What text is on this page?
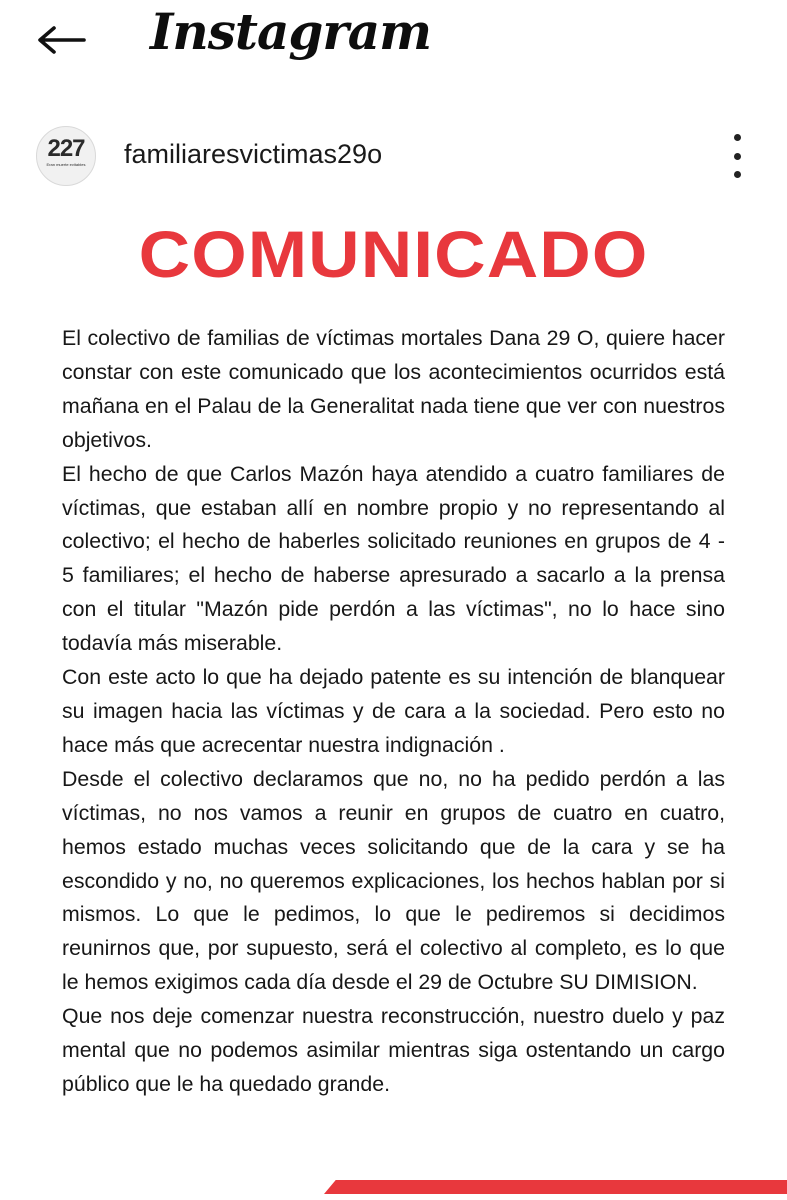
Instagram
227
Eran muerte evitables	familiaresvictimas29o
COMUNICADO

El colectivo de familias de víctimas mortales Dana 29 O, quiere hacer constar con este comunicado que los acontecimientos ocurridos está mañana en el Palau de la Generalitat nada tiene que ver con nuestros objetivos.

El hecho de que Carlos Mazón haya atendido a cuatro familiares de víctimas, que estaban allí en nombre propio y no representando al colectivo; el hecho de haberles solicitado reuniones en grupos de 4 - 5 familiares; el hecho de haberse apresurado a sacarlo a la prensa con el titular "Mazón pide perdón a las víctimas", no lo hace sino todavía más miserable.

Con este acto lo que ha dejado patente es su intención de blanquear su imagen hacia las víctimas y de cara a la sociedad. Pero esto no hace más que acrecentar nuestra indignación .

Desde el colectivo declaramos que no, no ha pedido perdón a las víctimas, no nos vamos a reunir en grupos de cuatro en cuatro, hemos estado muchas veces solicitando que de la cara y se ha escondido y no, no queremos explicaciones, los hechos hablan por si mismos. Lo que le pedimos, lo que le pediremos si decidimos reunirnos que, por supuesto, será el colectivo al completo, es lo que le hemos exigimos cada día desde el 29 de Octubre SU DIMISION.

Que nos deje comenzar nuestra reconstrucción, nuestro duelo y paz mental que no podemos asimilar mientras siga ostentando un cargo público que le ha quedado grande.
